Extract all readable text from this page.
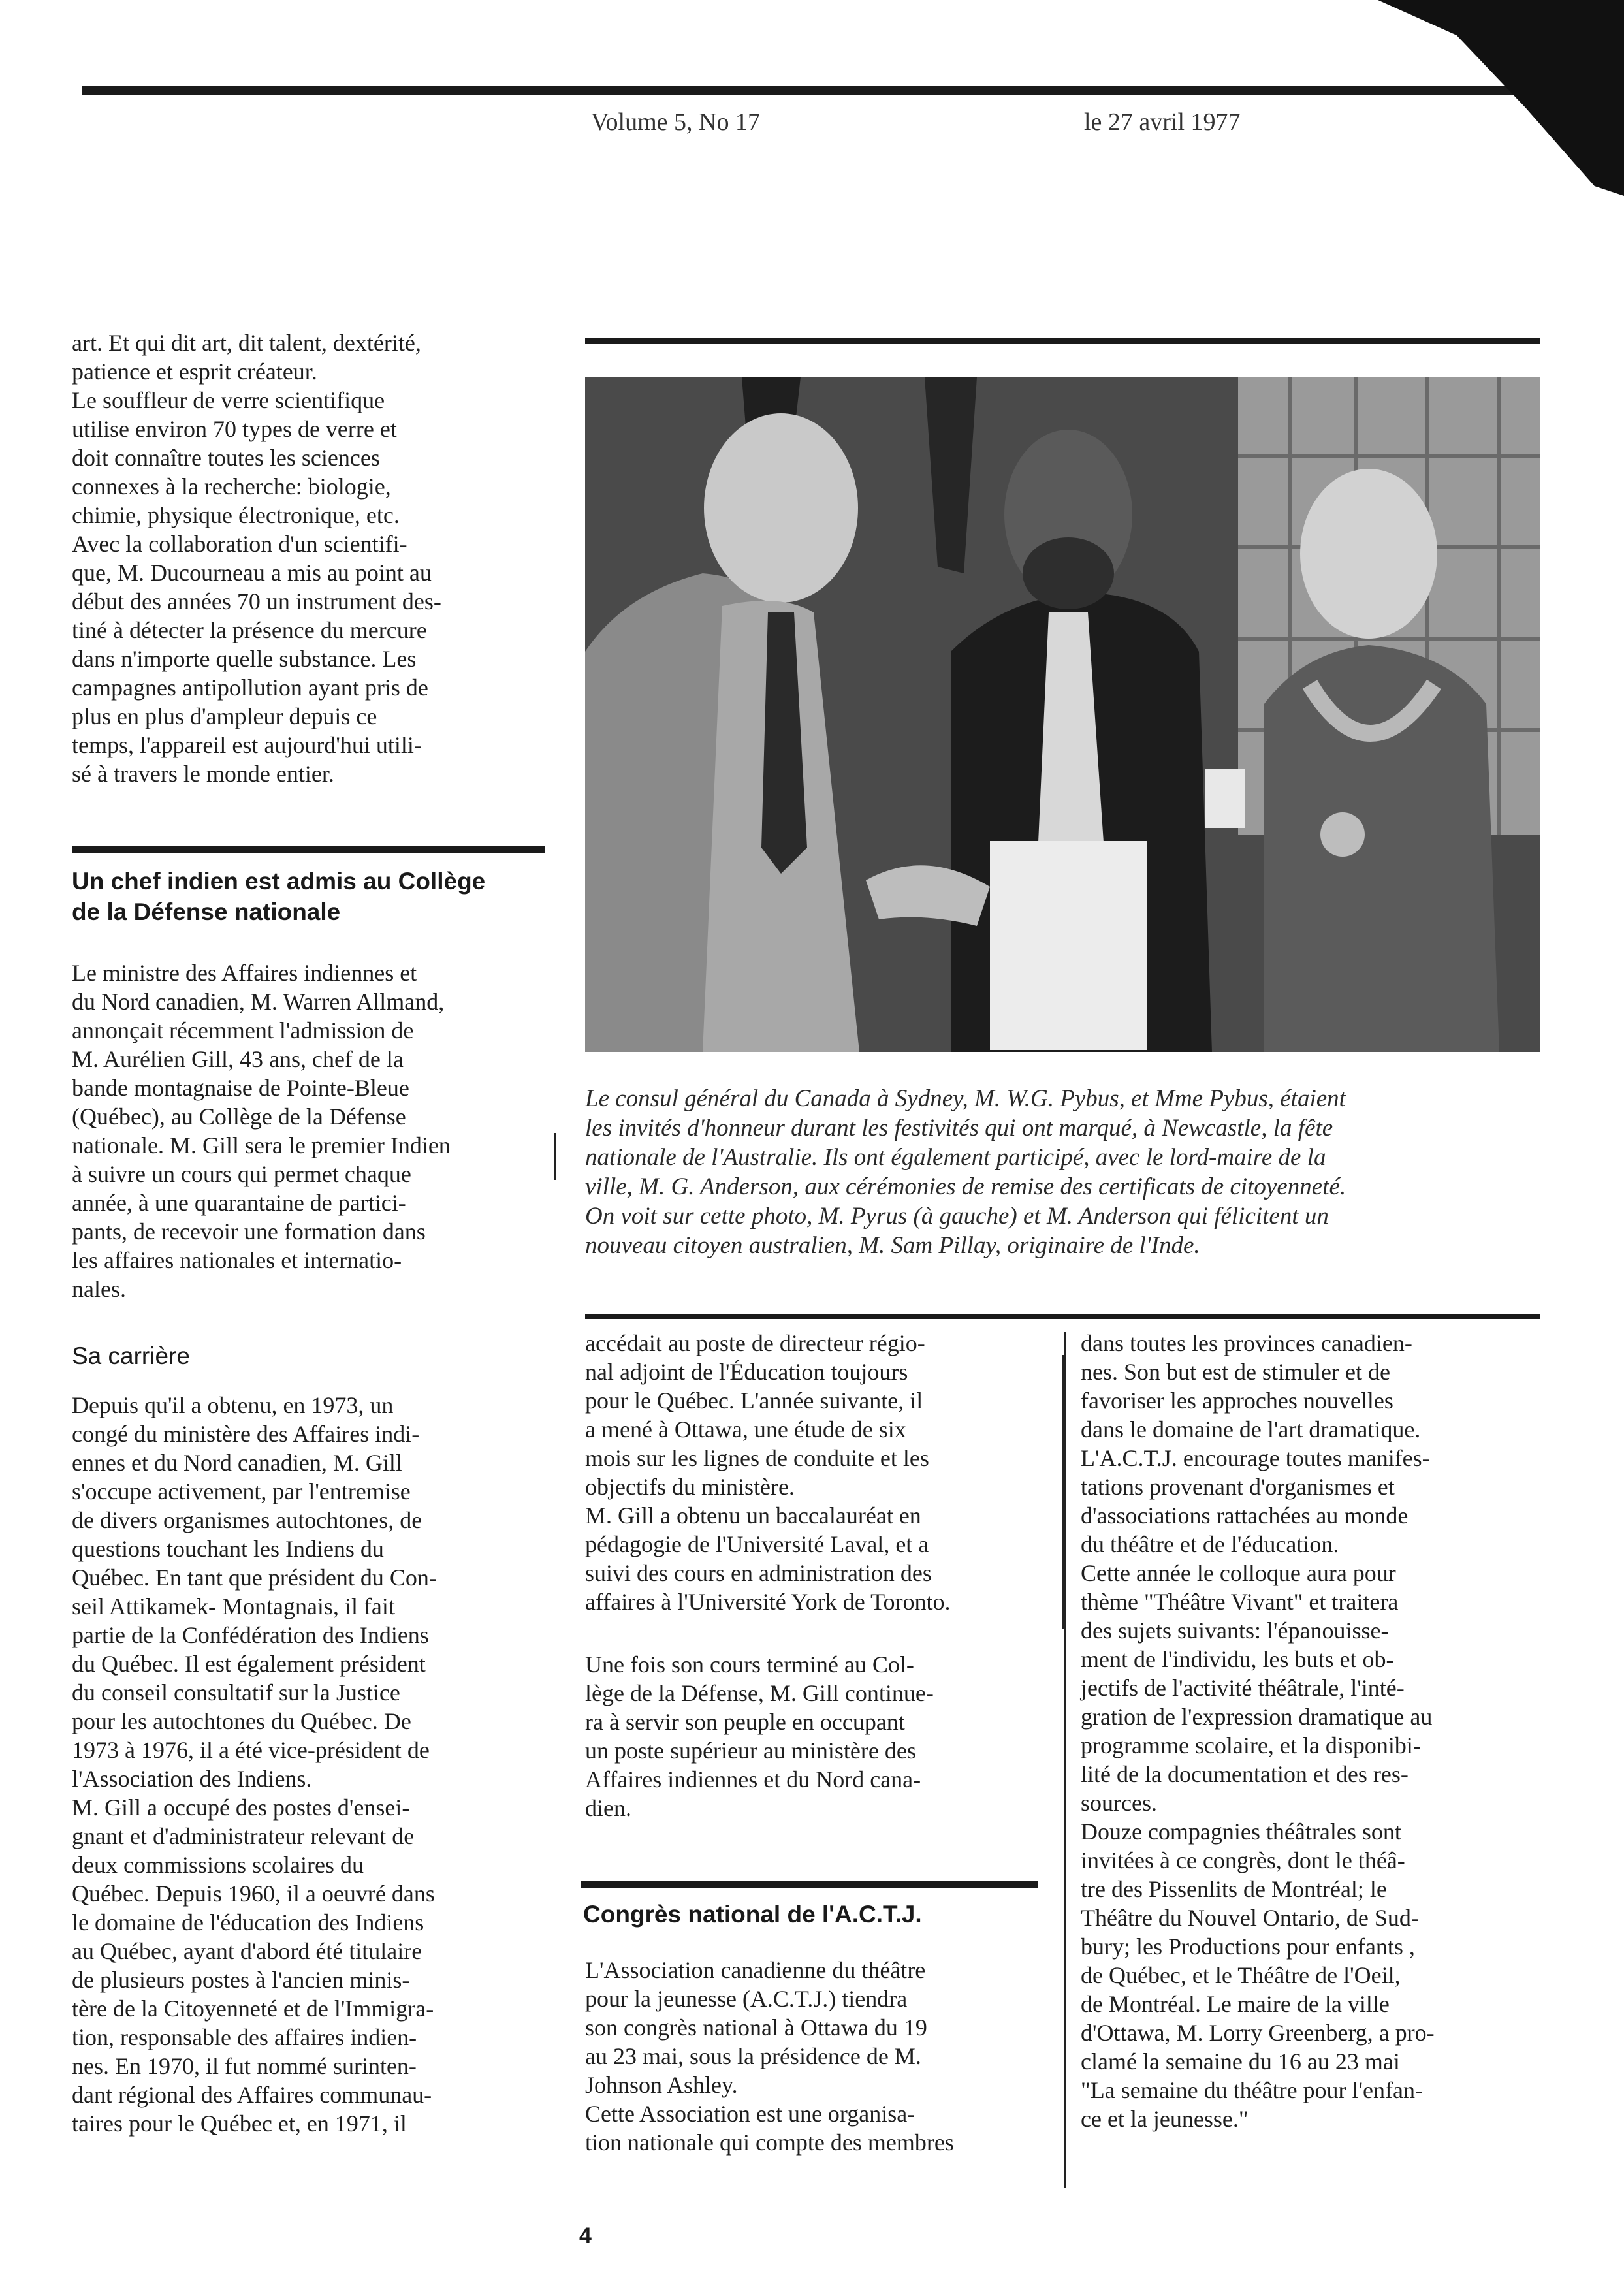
Volume 5, No 17	le 27 avril 1977
art. Et qui dit art, dit talent, dextérité,
patience et esprit créateur.
Le souffleur de verre scientifique
utilise environ 70 types de verre et
doit connaître toutes les sciences
connexes à la recherche: biologie,
chimie, physique électronique, etc.
Avec la collaboration d'un scientifi-
que, M. Ducourneau a mis au point au
début des années 70 un instrument des-
tiné à détecter la présence du mercure
dans n'importe quelle substance. Les
campagnes antipollution ayant pris de
plus en plus d'ampleur depuis ce
temps, l'appareil est aujourd'hui utili-
sé à travers le monde entier.
Un chef indien est admis au Collège
de la Défense nationale
Le ministre des Affaires indiennes et
du Nord canadien, M. Warren Allmand,
annonçait récemment l'admission de
M. Aurélien Gill, 43 ans, chef de la
bande montagnaise de Pointe-Bleue
(Québec), au Collège de la Défense
nationale. M. Gill sera le premier Indien
à suivre un cours qui permet chaque
année, à une quarantaine de partici-
pants, de recevoir une formation dans
les affaires nationales et internatio-
nales.
Sa carrière
Depuis qu'il a obtenu, en 1973, un
congé du ministère des Affaires indi-
ennes et du Nord canadien, M. Gill
s'occupe activement, par l'entremise
de divers organismes autochtones, de
questions touchant les Indiens du
Québec. En tant que président du Con-
seil Attikamek- Montagnais, il fait
partie de la Confédération des Indiens
du Québec. Il est également président
du conseil consultatif sur la Justice
pour les autochtones du Québec. De
1973 à 1976, il a été vice-président de
l'Association des Indiens.
M. Gill a occupé des postes d'ensei-
gnant et d'administrateur relevant de
deux commissions scolaires du
Québec. Depuis 1960, il a oeuvré dans
le domaine de l'éducation des Indiens
au Québec, ayant d'abord été titulaire
de plusieurs postes à l'ancien minis-
tère de la Citoyenneté et de l'Immigra-
tion, responsable des affaires indien-
nes. En 1970, il fut nommé surinten-
dant régional des Affaires communau-
taires pour le Québec et, en 1971, il
Le consul général du Canada à Sydney, M. W.G. Pybus, et Mme Pybus, étaient
les invités d'honneur durant les festivités qui ont marqué, à Newcastle, la fête
nationale de l'Australie. Ils ont également participé, avec le lord-maire de la
ville, M. G. Anderson, aux cérémonies de remise des certificats de citoyenneté.
On voit sur cette photo, M. Pyrus (à gauche) et M. Anderson qui félicitent un
nouveau citoyen australien, M. Sam Pillay, originaire de l'Inde.
accédait au poste de directeur régio-
nal adjoint de l'Éducation toujours
pour le Québec. L'année suivante, il
a mené à Ottawa, une étude de six
mois sur les lignes de conduite et les
objectifs du ministère.
M. Gill a obtenu un baccalauréat en
pédagogie de l'Université Laval, et a
suivi des cours en administration des
affaires à l'Université York de Toronto.
Une fois son cours terminé au Col-
lège de la Défense, M. Gill continue-
ra à servir son peuple en occupant
un poste supérieur au ministère des
Affaires indiennes et du Nord cana-
dien.
Congrès national de l'A.C.T.J.
L'Association canadienne du théâtre
pour la jeunesse (A.C.T.J.) tiendra
son congrès national à Ottawa du 19
au 23 mai, sous la présidence de M.
Johnson Ashley.
Cette Association est une organisa-
tion nationale qui compte des membres
dans toutes les provinces canadien-
nes. Son but est de stimuler et de
favoriser les approches nouvelles
dans le domaine de l'art dramatique.
L'A.C.T.J. encourage toutes manifes-
tations provenant d'organismes et
d'associations rattachées au monde
du théâtre et de l'éducation.
Cette année le colloque aura pour
thème "Théâtre Vivant" et traitera
des sujets suivants: l'épanouisse-
ment de l'individu, les buts et ob-
jectifs de l'activité théâtrale, l'inté-
gration de l'expression dramatique au
programme scolaire, et la disponibi-
lité de la documentation et des res-
sources.
Douze compagnies théâtrales sont
invitées à ce congrès, dont le théâ-
tre des Pissenlits de Montréal; le
Théâtre du Nouvel Ontario, de Sud-
bury; les Productions pour enfants ,
de Québec, et le Théâtre de l'Oeil,
de Montréal. Le maire de la ville
d'Ottawa, M. Lorry Greenberg, a pro-
clamé la semaine du 16 au 23 mai
"La semaine du théâtre pour l'enfan-
ce et la jeunesse."
4
